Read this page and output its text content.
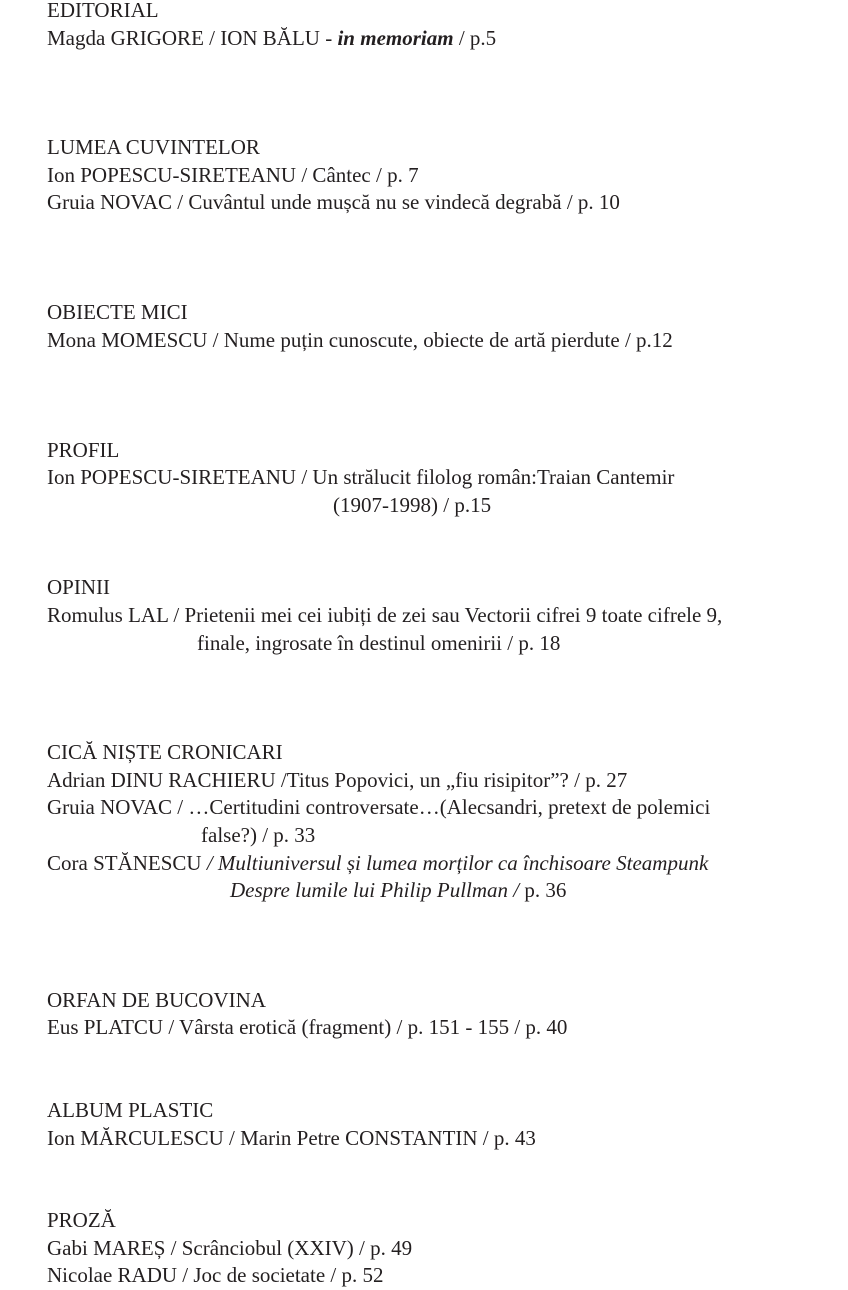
EDITORIAL
Magda GRIGORE / ION BĂLU - in memoriam / p.5
LUMEA CUVINTELOR
Ion POPESCU-SIRETEANU / Cântec / p. 7
Gruia NOVAC / Cuvântul unde mușcă nu se vindecă degrabă / p. 10
OBIECTE MICI
Mona MOMESCU / Nume puțin cunoscute, obiecte de artă pierdute / p.12
PROFIL
Ion POPESCU-SIRETEANU / Un strălucit filolog român:Traian Cantemir
(1907-1998) / p.15
OPINII
Romulus LAL / Prietenii mei cei iubiți de zei sau Vectorii cifrei 9 toate cifrele 9,
finale, ingrosate în destinul omenirii / p. 18
CICĂ NIȘTE CRONICARI
Adrian DINU RACHIERU /Titus Popovici, un „fiu risipitor”? / p. 27
Gruia NOVAC / …Certitudini controversate…(Alecsandri, pretext de polemici
false?) / p. 33
Cora STĂNESCU / Multiuniversul și lumea morților ca închisoare Steampunk
Despre lumile lui Philip Pullman / p. 36
ORFAN DE BUCOVINA
Eus PLATCU / Vârsta erotică (fragment) / p. 151 - 155 / p. 40
ALBUM PLASTIC
Ion MĂRCULESCU / Marin Petre CONSTANTIN / p. 43
PROZĂ
Gabi MAREȘ / Scrânciobul (XXIV) / p. 49
Nicolae RADU / Joc de societate / p. 52
